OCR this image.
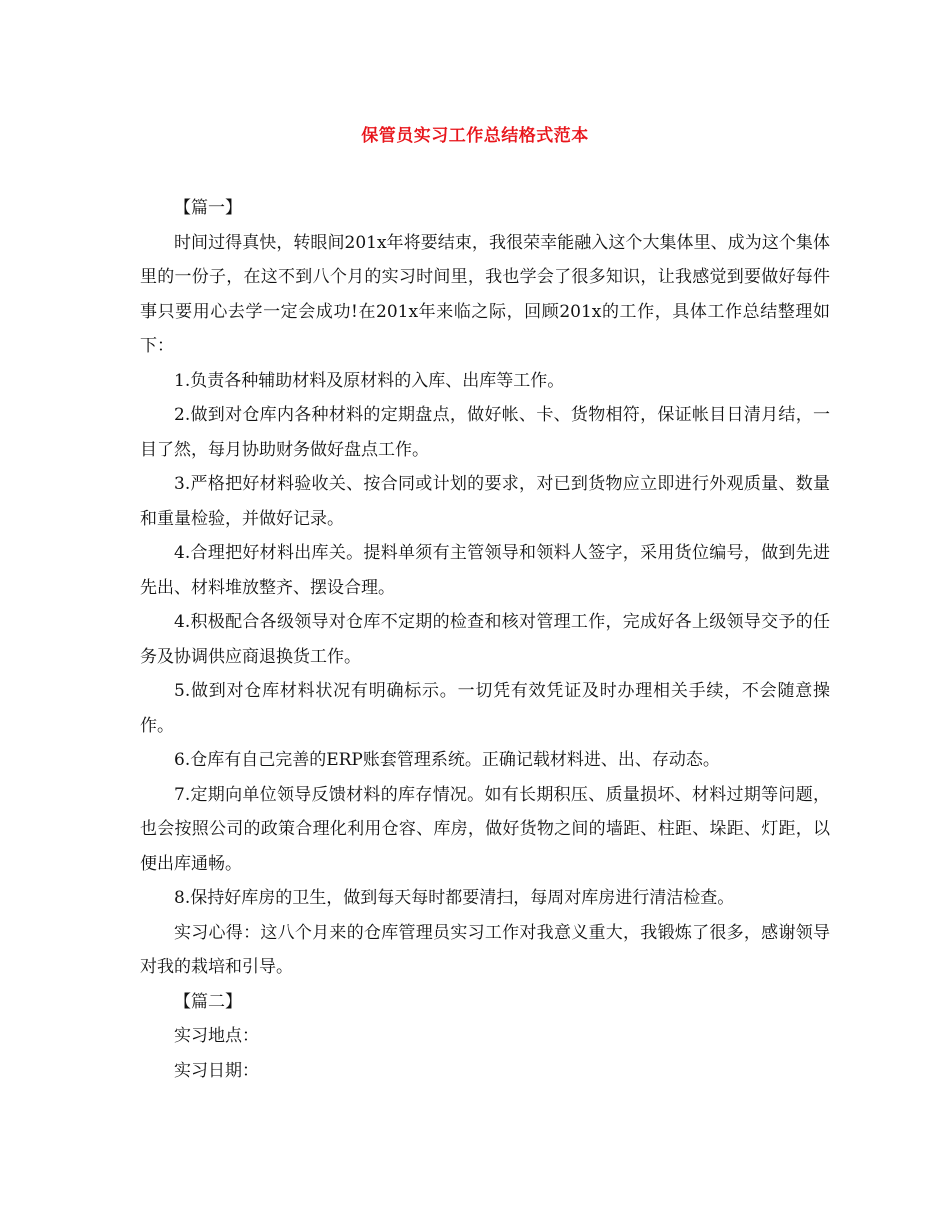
保管员实习工作总结格式范本

【篇一】

时间过得真快，转眼间201x年将要结束，我很荣幸能融入这个大集体里、成为这个集体里的一份子，在这不到八个月的实习时间里，我也学会了很多知识，让我感觉到要做好每件事只要用心去学一定会成功!在201x年来临之际，回顾201x的工作，具体工作总结整理如下：

1.负责各种辅助材料及原材料的入库、出库等工作。

2.做到对仓库内各种材料的定期盘点，做好帐、卡、货物相符，保证帐目日清月结，一目了然，每月协助财务做好盘点工作。

3.严格把好材料验收关、按合同或计划的要求，对已到货物应立即进行外观质量、数量和重量检验，并做好记录。

4.合理把好材料出库关。提料单须有主管领导和领料人签字，采用货位编号，做到先进先出、材料堆放整齐、摆设合理。

4.积极配合各级领导对仓库不定期的检查和核对管理工作，完成好各上级领导交予的任务及协调供应商退换货工作。

5.做到对仓库材料状况有明确标示。一切凭有效凭证及时办理相关手续，不会随意操作。

6.仓库有自己完善的ERP账套管理系统。正确记载材料进、出、存动态。

7.定期向单位领导反馈材料的库存情况。如有长期积压、质量损坏、材料过期等问题，也会按照公司的政策合理化利用仓容、库房，做好货物之间的墙距、柱距、垛距、灯距，以便出库通畅。

8.保持好库房的卫生，做到每天每时都要清扫，每周对库房进行清洁检查。

实习心得：这八个月来的仓库管理员实习工作对我意义重大，我锻炼了很多，感谢领导对我的栽培和引导。

【篇二】

实习地点：

实习日期：
